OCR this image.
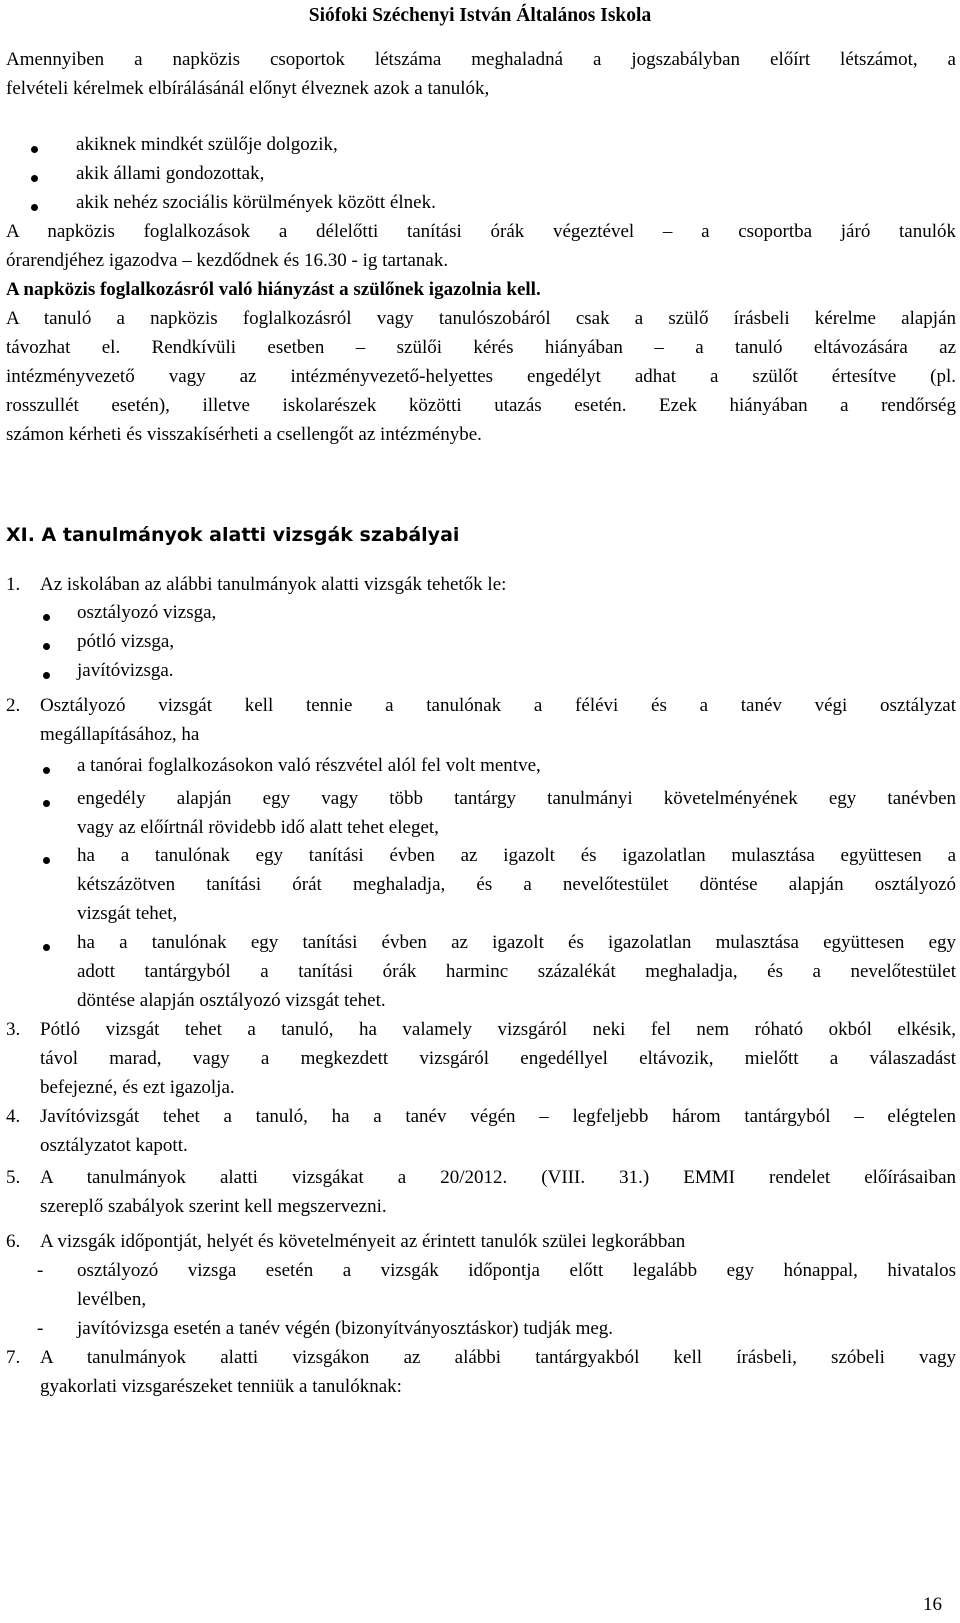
Siófoki Széchenyi István Általános Iskola
Amennyiben a napközis csoportok létszáma meghaladná a jogszabályban előírt létszámot, a
felvételi kérelmek elbírálásánál előnyt élveznek azok a tanulók,
akiknek mindkét szülője dolgozik,
akik állami gondozottak,
akik nehéz szociális körülmények között élnek.
A napközis foglalkozások a délelőtti tanítási órák végeztével – a csoportba járó tanulók
órarendjéhez igazodva – kezdődnek és 16.30 - ig tartanak.
A napközis foglalkozásról való hiányzást a szülőnek igazolnia kell.
A tanuló a napközis foglalkozásról vagy tanulószobáról csak a szülő írásbeli kérelme alapján
távozhat el. Rendkívüli esetben – szülői kérés hiányában – a tanuló eltávozására az
intézményvezető vagy az intézményvezető-helyettes engedélyt adhat a szülőt értesítve (pl.
rosszullét esetén), illetve iskolarészek közötti utazás esetén. Ezek hiányában a rendőrség
számon kérheti és visszakísérheti a csellengőt az intézménybe.
XI. A tanulmányok alatti vizsgák szabályai
1. Az iskolában az alábbi tanulmányok alatti vizsgák tehetők le:
osztályozó vizsga,
pótló vizsga,
javítóvizsga.
2. Osztályozó vizsgát kell tennie a tanulónak a félévi és a tanév végi osztályzat
megállapításához, ha
a tanórai foglalkozásokon való részvétel alól fel volt mentve,
engedély alapján egy vagy több tantárgy tanulmányi követelményének egy tanévben
vagy az előírtnál rövidebb idő alatt tehet eleget,
ha a tanulónak egy tanítási évben az igazolt és igazolatlan mulasztása együttesen a
kétszázötven tanítási órát meghaladja, és a nevelőtestület döntése alapján osztályozó
vizsgát tehet,
ha a tanulónak egy tanítási évben az igazolt és igazolatlan mulasztása együttesen egy
adott tantárgyból a tanítási órák harminc százalékát meghaladja, és a nevelőtestület
döntése alapján osztályozó vizsgát tehet.
3. Pótló vizsgát tehet a tanuló, ha valamely vizsgáról neki fel nem róható okból elkésik,
távol marad, vagy a megkezdett vizsgáról engedéllyel eltávozik, mielőtt a válaszadást
befejezné, és ezt igazolja.
4. Javítóvizsgát tehet a tanuló, ha a tanév végén – legfeljebb három tantárgyból – elégtelen
osztályzatot kapott.
5. A tanulmányok alatti vizsgákat a 20/2012. (VIII. 31.) EMMI rendelet előírásaiban
szereplő szabályok szerint kell megszervezni.
6. A vizsgák időpontját, helyét és követelményeit az érintett tanulók szülei legkorábban
- osztályozó vizsga esetén a vizsgák időpontja előtt legalább egy hónappal, hivatalos
levélben,
- javítóvizsga esetén a tanév végén (bizonyítványosztáskor) tudják meg.
7. A tanulmányok alatti vizsgákon az alábbi tantárgyakból kell írásbeli, szóbeli vagy
gyakorlati vizsgarészeket tenniük a tanulóknak:
16
